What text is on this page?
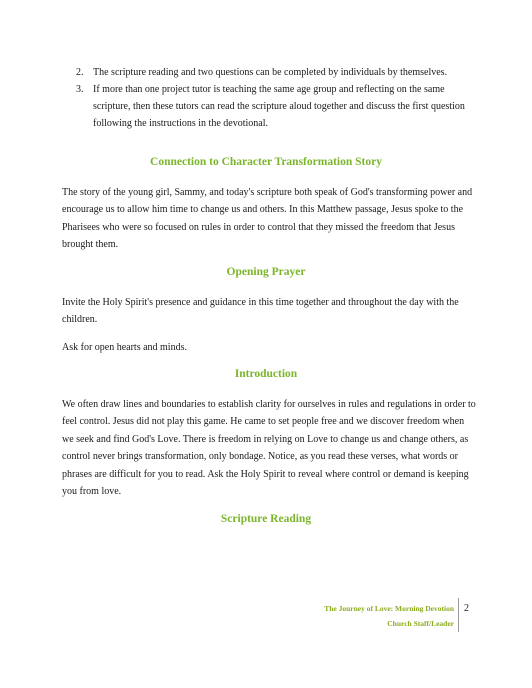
2. The scripture reading and two questions can be completed by individuals by themselves.
3. If more than one project tutor is teaching the same age group and reflecting on the same scripture, then these tutors can read the scripture aloud together and discuss the first question following the instructions in the devotional.
Connection to Character Transformation Story

The story of the young girl, Sammy, and today's scripture both speak of God's transforming power and encourage us to allow him time to change us and others. In this Matthew passage, Jesus spoke to the Pharisees who were so focused on rules in order to control that they missed the freedom that Jesus brought them.

Opening Prayer

Invite the Holy Spirit's presence and guidance in this time together and throughout the day with the children.

Ask for open hearts and minds.

Introduction

We often draw lines and boundaries to establish clarity for ourselves in rules and regulations in order to feel control. Jesus did not play this game. He came to set people free and we discover freedom when we seek and find God's Love. There is freedom in relying on Love to change us and change others, as control never brings transformation, only bondage. Notice, as you read these verses, what words or phrases are difficult for you to read. Ask the Holy Spirit to reveal where control or demand is keeping you from love.

Scripture Reading
The Journey of Love: Morning Devotion
Church Staff/Leader
2
